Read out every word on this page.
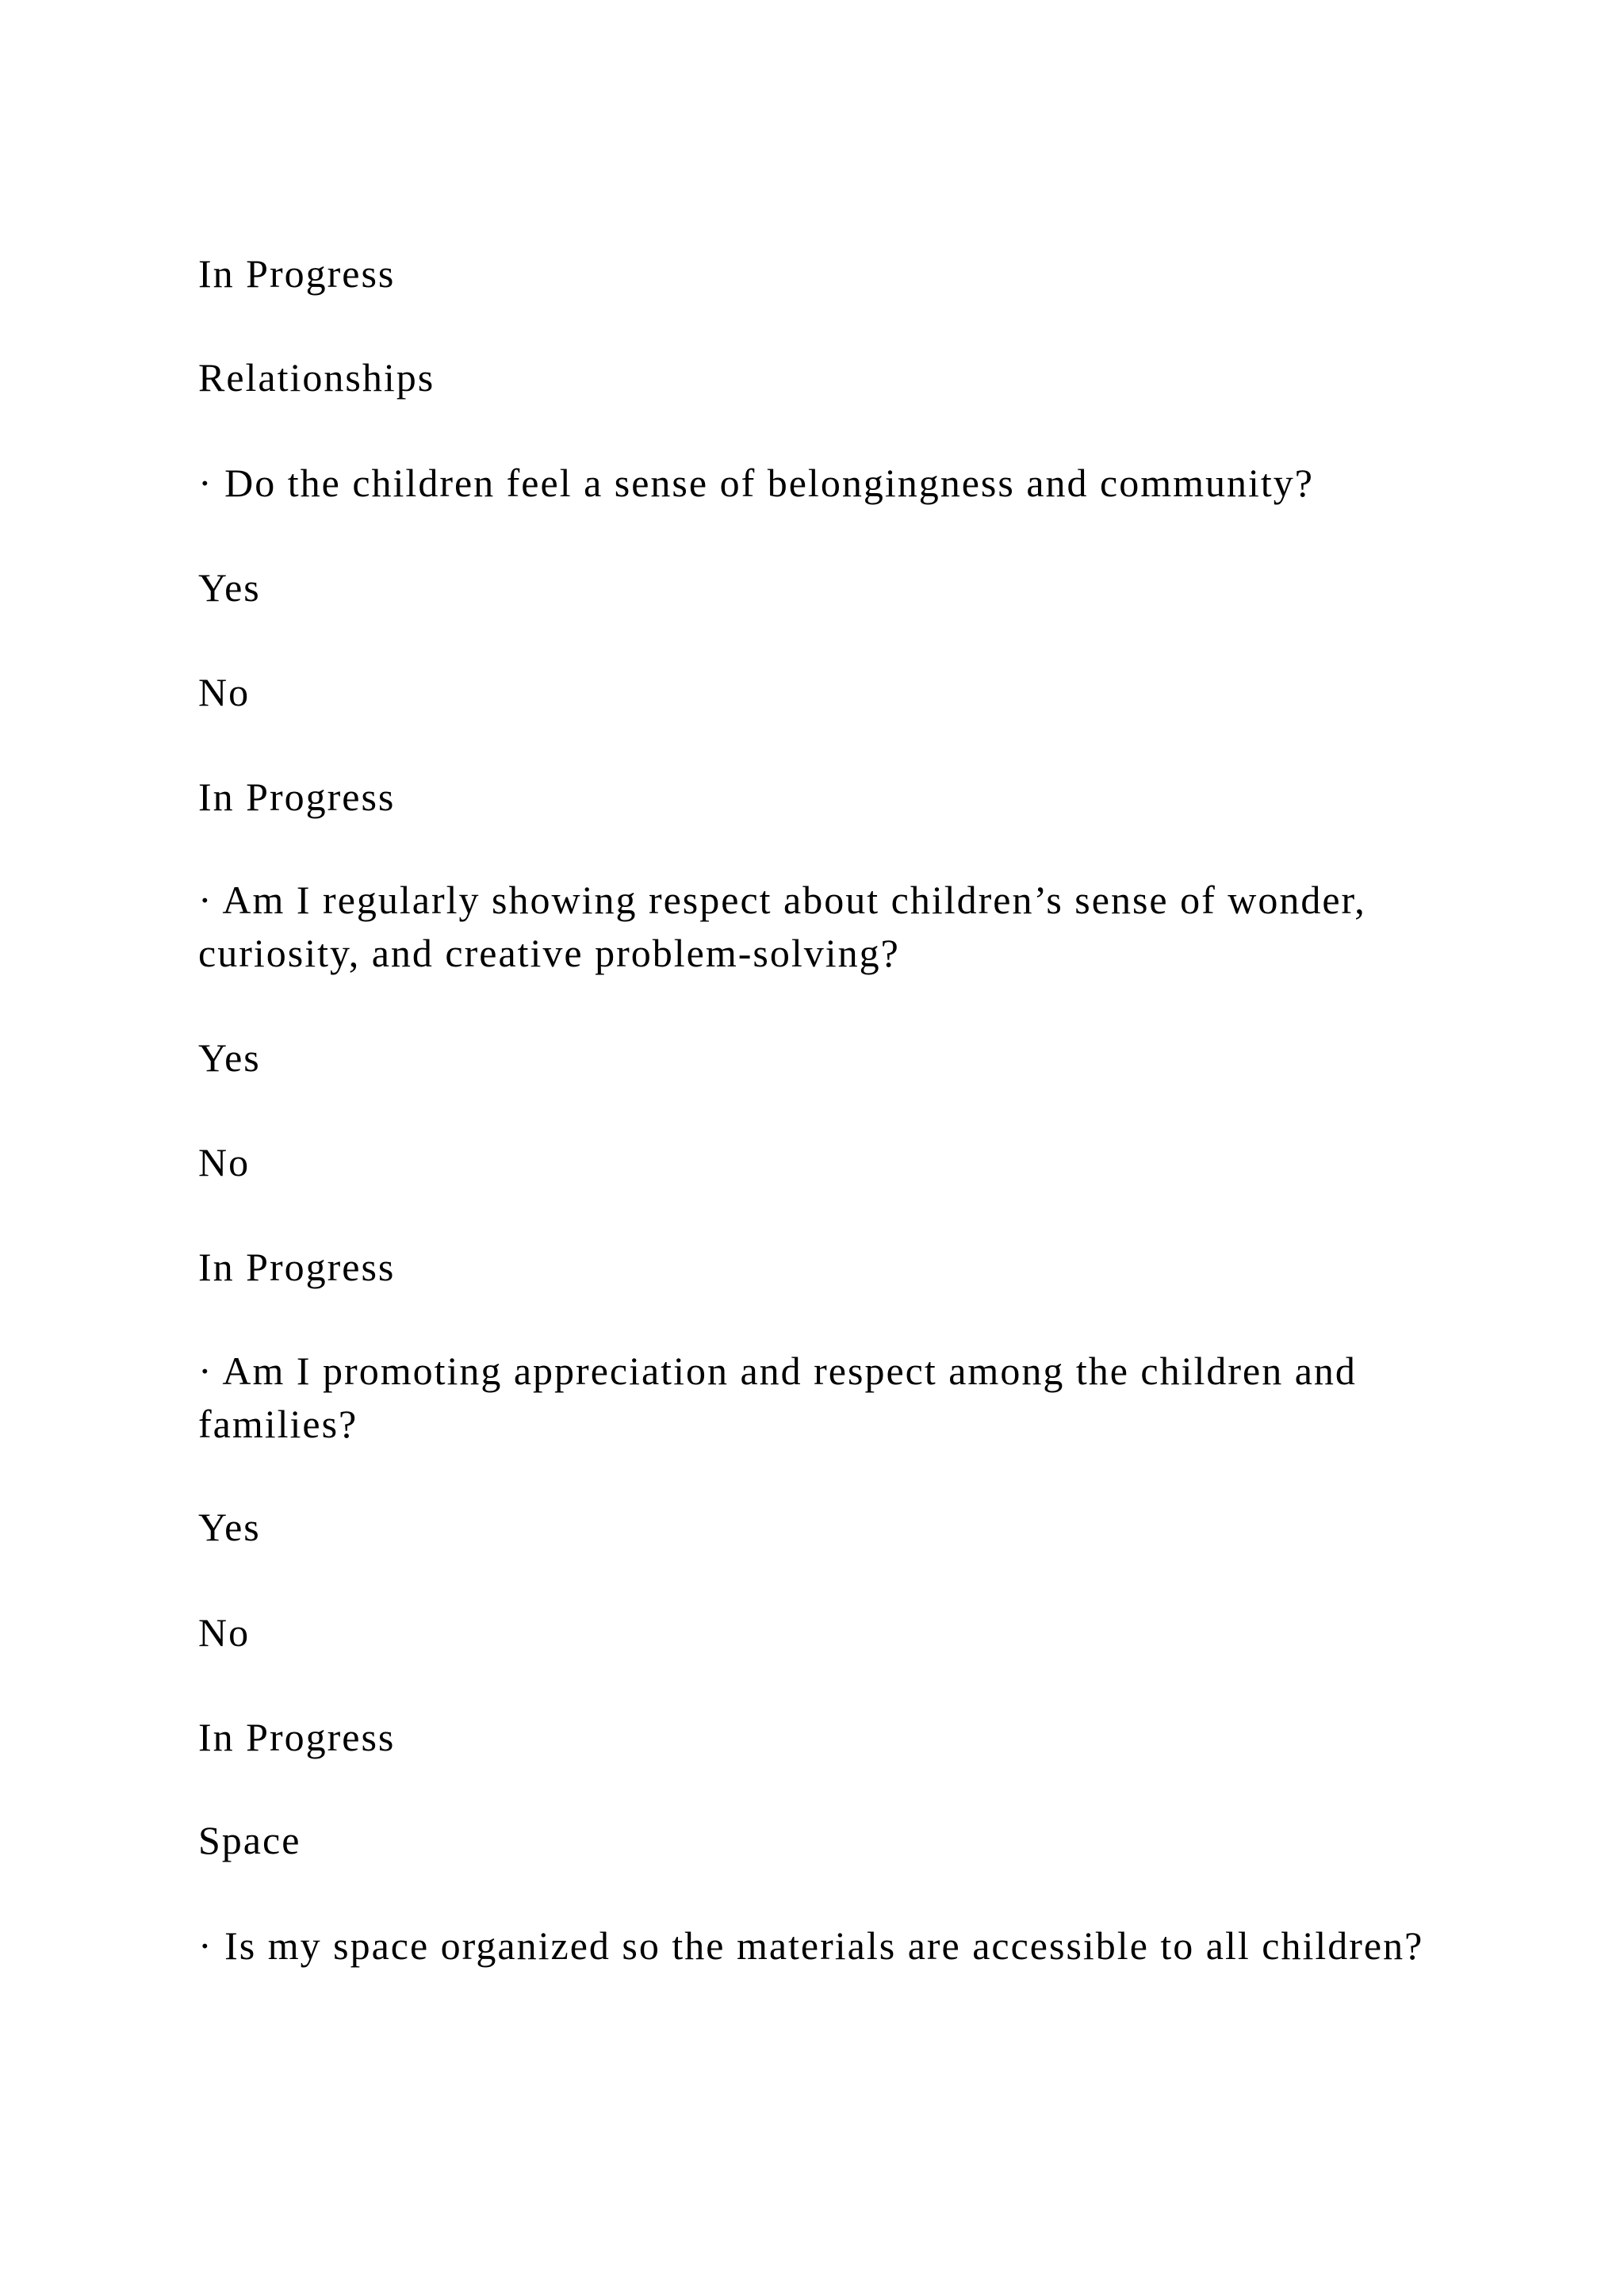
In Progress

Relationships

· Do the children feel a sense of belongingness and community?

Yes

No

In Progress

· Am I regularly showing respect about children’s sense of wonder, curiosity, and creative problem-solving?

Yes

No

In Progress

· Am I promoting appreciation and respect among the children and families?

Yes

No

In Progress

Space

· Is my space organized so the materials are accessible to all children?
